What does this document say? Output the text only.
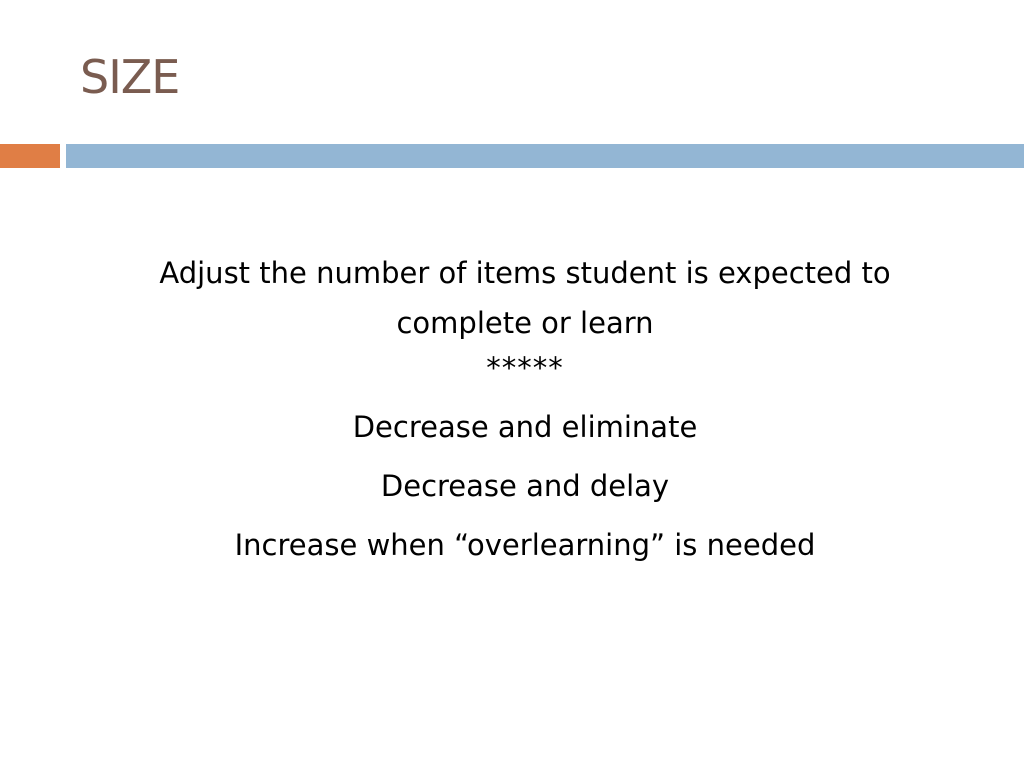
SIZE

Adjust the number of items student is expected to complete or learn

*****

Decrease and eliminate

Decrease and delay

Increase when “overlearning” is needed
